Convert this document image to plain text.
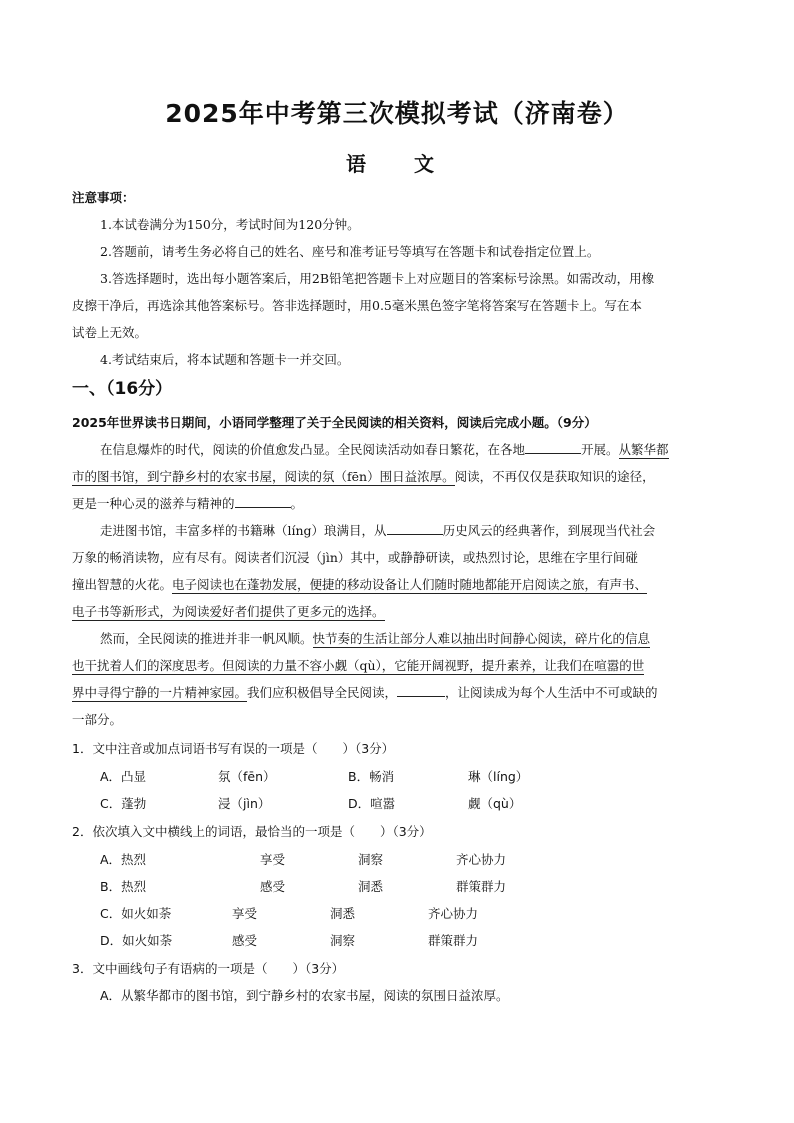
2025年中考第三次模拟考试（济南卷）
语　文
注意事项：
1.本试卷满分为150分，考试时间为120分钟。
2.答题前，请考生务必将自己的姓名、座号和准考证号等填写在答题卡和试卷指定位置上。
3.答选择题时，选出每小题答案后，用2B铅笔把答题卡上对应题目的答案标号涂黑。如需改动，用橡
皮擦干净后，再选涂其他答案标号。答非选择题时，用0.5毫米黑色签字笔将答案写在答题卡上。写在本
试卷上无效。
4.考试结束后，将本试题和答题卡一并交回。
一、（16分）
2025年世界读书日期间，小语同学整理了关于全民阅读的相关资料，阅读后完成小题。（9分）
在信息爆炸的时代，阅读的价值愈发凸显。全民阅读活动如春日繁花，在各地	开展。从繁华都
市的图书馆，到宁静乡村的农家书屋，阅读的氛（fēn）围日益浓厚。阅读，不再仅仅是获取知识的途径，
更是一种心灵的滋养与精神的	。
走进图书馆，丰富多样的书籍琳（líng）琅满目，从	历史风云的经典著作，到展现当代社会
万象的畅消读物，应有尽有。阅读者们沉浸（jìn）其中，或静静研读，或热烈讨论，思维在字里行间碰
撞出智慧的火花。电子阅读也在蓬勃发展，便捷的移动设备让人们随时随地都能开启阅读之旅，有声书、
电子书等新形式，为阅读爱好者们提供了更多元的选择。
然而，全民阅读的推进并非一帆风顺。快节奏的生活让部分人难以抽出时间静心阅读，碎片化的信息
也干扰着人们的深度思考。但阅读的力量不容小觑（qù），它能开阔视野，提升素养，让我们在喧嚣的世
界中寻得宁静的一片精神家园。我们应积极倡导全民阅读，	，让阅读成为每个人生活中不可或缺的
一部分。
1．文中注音或加点词语书写有误的一项是（　　）（3分）
A．凸显	氛（fēn）	B．畅消	琳（líng）
C．蓬勃	浸（jìn）	D．喧嚣	觑（qù）
2．依次填入文中横线上的词语，最恰当的一项是（　　）（3分）
A．热烈	享受	洞察	齐心协力
B．热烈	感受	洞悉	群策群力
C．如火如荼	享受	洞悉	齐心协力
D．如火如荼	感受	洞察	群策群力
3．文中画线句子有语病的一项是（　　）（3分）
A．从繁华都市的图书馆，到宁静乡村的农家书屋，阅读的氛围日益浓厚。
